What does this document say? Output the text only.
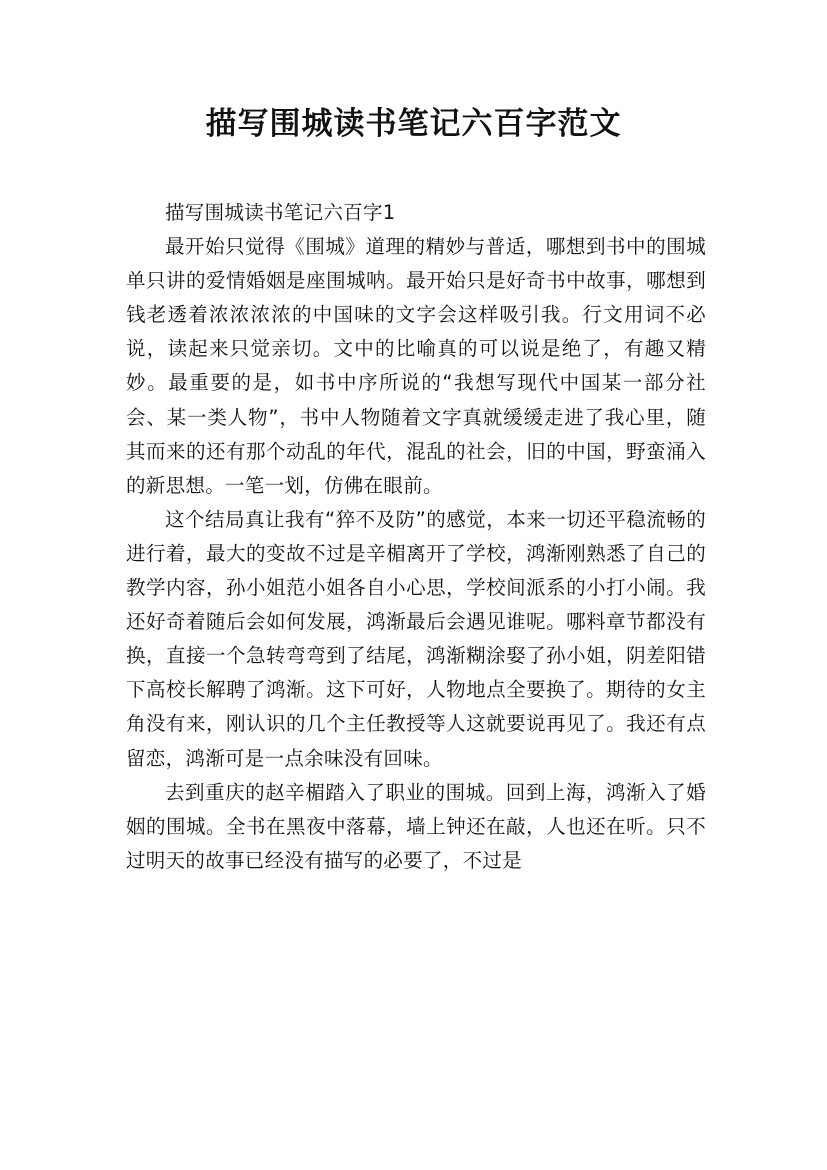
描写围城读书笔记六百字范文

描写围城读书笔记六百字1

最开始只觉得《围城》道理的精妙与普适，哪想到书中的围城单只讲的爱情婚姻是座围城呐。最开始只是好奇书中故事，哪想到钱老透着浓浓浓浓的中国味的文字会这样吸引我。行文用词不必说，读起来只觉亲切。文中的比喻真的可以说是绝了，有趣又精妙。最重要的是，如书中序所说的“我想写现代中国某一部分社会、某一类人物”，书中人物随着文字真就缓缓走进了我心里，随其而来的还有那个动乱的年代，混乱的社会，旧的中国，野蛮涌入的新思想。一笔一划，仿佛在眼前。

这个结局真让我有“猝不及防”的感觉，本来一切还平稳流畅的进行着，最大的变故不过是辛楣离开了学校，鸿渐刚熟悉了自己的教学内容，孙小姐范小姐各自小心思，学校间派系的小打小闹。我还好奇着随后会如何发展，鸿渐最后会遇见谁呢。哪料章节都没有换，直接一个急转弯弯到了结尾，鸿渐糊涂娶了孙小姐，阴差阳错下高校长解聘了鸿渐。这下可好，人物地点全要换了。期待的女主角没有来，刚认识的几个主任教授等人这就要说再见了。我还有点留恋，鸿渐可是一点余味没有回味。

去到重庆的赵辛楣踏入了职业的围城。回到上海，鸿渐入了婚姻的围城。全书在黑夜中落幕，墙上钟还在敲，人也还在听。只不过明天的故事已经没有描写的必要了，不过是
